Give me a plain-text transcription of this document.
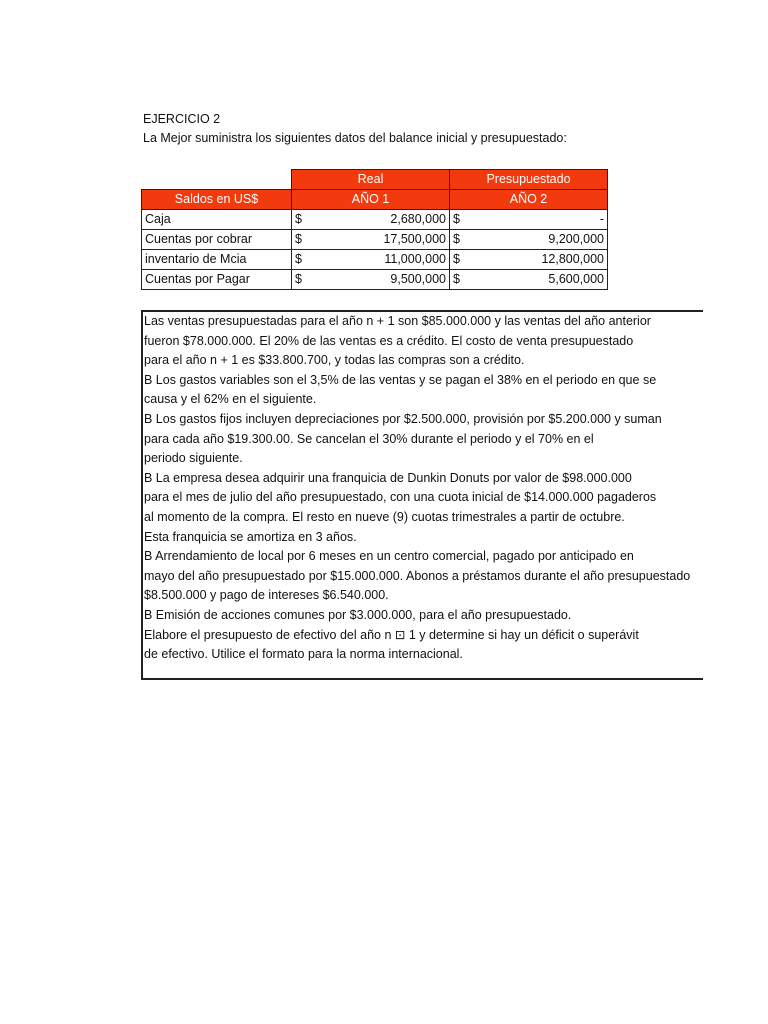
EJERCICIO 2
La Mejor suministra los siguientes datos del balance inicial y presupuestado:
	Real		Presupuestado	
Saldos en US$	AÑO 1		AÑO 2	
Caja	$	2,680,000	$	-
Cuentas por cobrar	$	17,500,000	$	9,200,000
inventario de Mcia	$	11,000,000	$	12,800,000
Cuentas por Pagar	$	9,500,000	$	5,600,000
Las ventas presupuestadas para el año n + 1 son $85.000.000 y las ventas del año anterior
fueron $78.000.000. El 20% de las ventas es a crédito. El costo de venta presupuestado
para el año n + 1 es $33.800.700, y todas las compras son a crédito.
B Los gastos variables son el 3,5% de las ventas y se pagan el 38% en el periodo en que se
causa y el 62% en el siguiente.
B Los gastos fijos incluyen depreciaciones por $2.500.000, provisión por $5.200.000 y suman
para cada año $19.300.00. Se cancelan el 30% durante el periodo y el 70% en el
periodo siguiente.
B La empresa desea adquirir una franquicia de Dunkin Donuts por valor de $98.000.000
para el mes de julio del año presupuestado, con una cuota inicial de $14.000.000 pagaderos
al momento de la compra. El resto en nueve (9) cuotas trimestrales a partir de octubre.
Esta franquicia se amortiza en 3 años.
B Arrendamiento de local por 6 meses en un centro comercial, pagado por anticipado en
mayo del año presupuestado por $15.000.000. Abonos a préstamos durante el año presupuestado
$8.500.000 y pago de intereses $6.540.000.
B Emisión de acciones comunes por $3.000.000, para el año presupuestado.
Elabore el presupuesto de efectivo del año n ⊡ 1 y determine si hay un déficit o superávit
de efectivo. Utilice el formato para la norma internacional.
